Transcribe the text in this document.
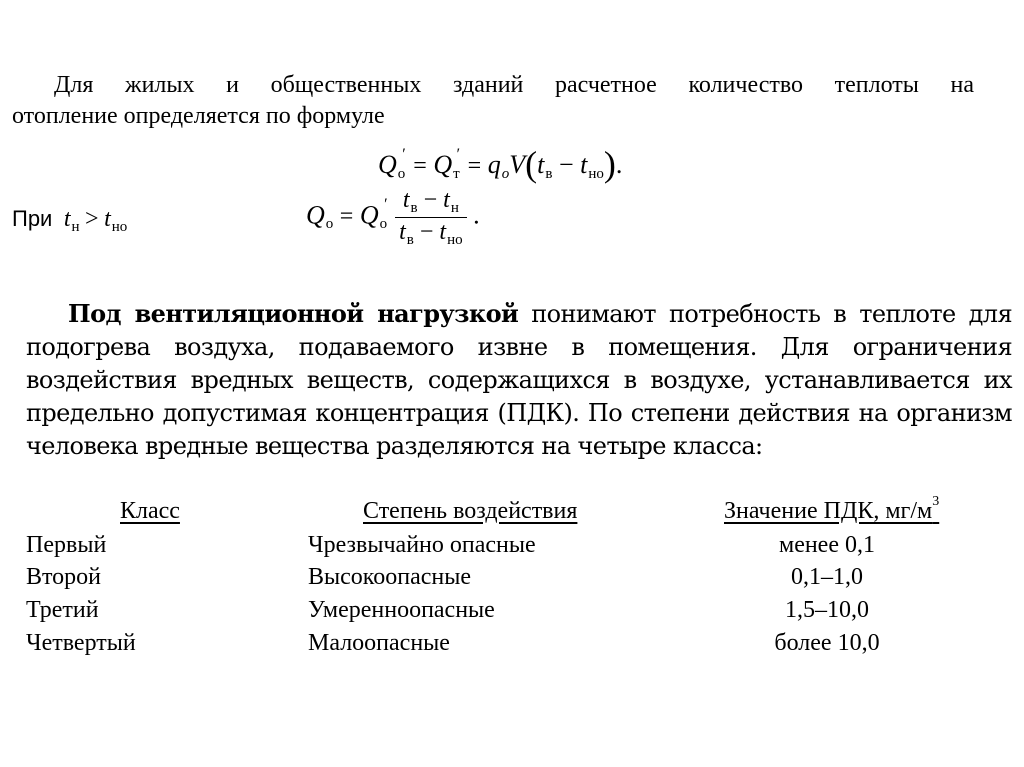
Для жилых и общественных зданий расчетное количество теплоты на
отопление определяется по формуле
Qо′ = Qт′ = qoV(tв − tно).
При $t_н > t_{но}$	Qо = $Qо' \frac{t_в - t_н}{t_в - t_{но}}$ .
Под вентиляционной нагрузкой понимают потребность в теплоте для
подогрева воздуха, подаваемого извне в помещения. Для ограничения
воздействия вредных веществ, содержащихся в воздухе, устанавливается их
предельно допустимая концентрация (ПДК). По степени действия на организм
человека вредные вещества разделяются на четыре класса:
Класс	Степень воздействия	Значение ПДК, $мг/м^3$
Первый	Чрезвычайно опасные	менее 0,1
Второй	Высокоопасные	0,1–1,0
Третий	Умеренноопасные	1,5–10,0
Четвертый	Малоопасные	более 10,0
